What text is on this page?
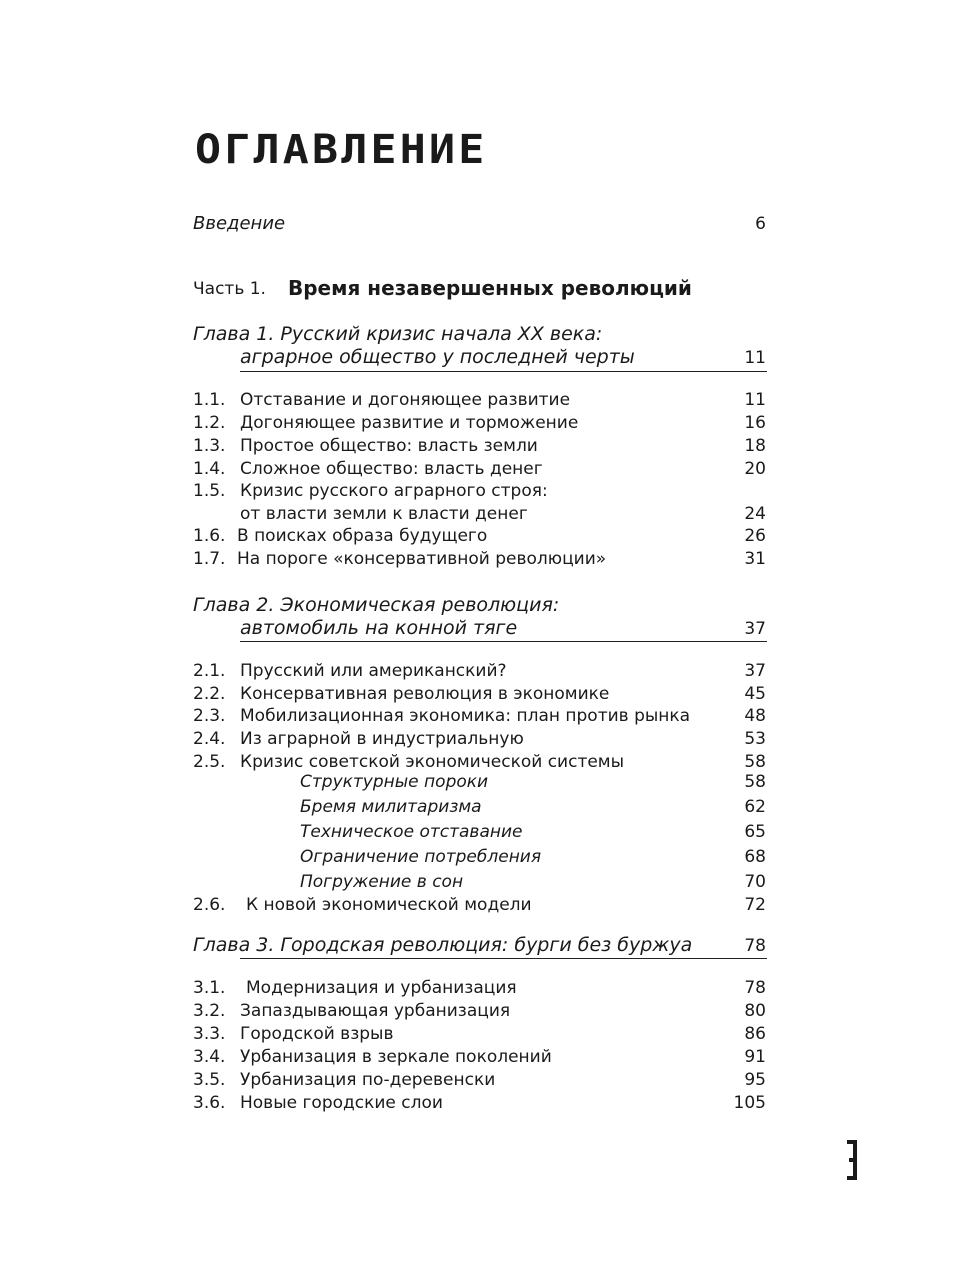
ОГЛАВЛЕНИЕ
Введение	6
Часть 1. Время незавершенных революций
Глава 1. Русский кризис начала XX века:
аграрное общество у последней черты	11
1.1. Отставание и догоняющее развитие	11
1.2. Догоняющее развитие и торможение	16
1.3. Простое общество: власть земли	18
1.4. Сложное общество: власть денег	20
1.5. Кризис русского аграрного строя:
от власти земли к власти денег	24
1.6. В поисках образа будущего	26
1.7. На пороге «консервативной революции»	31
Глава 2. Экономическая революция:
автомобиль на конной тяге	37
2.1. Прусский или американский?	37
2.2. Консервативная революция в экономике	45
2.3. Мобилизационная экономика: план против рынка	48
2.4. Из аграрной в индустриальную	53
2.5. Кризис советской экономической системы	58
Структурные пороки	58
Бремя милитаризма	62
Техническое отставание	65
Ограничение потребления	68
Погружение в сон	70
2.6. К новой экономической модели	72
Глава 3. Городская революция: бурги без буржуа	78
3.1. Модернизация и урбанизация	78
3.2. Запаздывающая урбанизация	80
3.3. Городской взрыв	86
3.4. Урбанизация в зеркале поколений	91
3.5. Урбанизация по-деревенски	95
3.6. Новые городские слои	105
